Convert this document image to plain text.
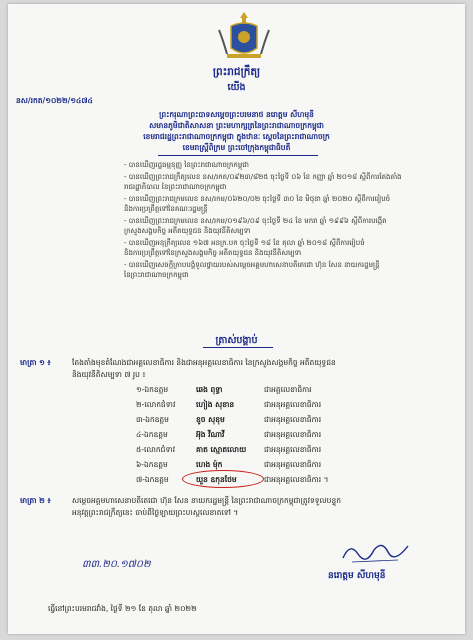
ព្រះរាជក្រឹត្យ
យើង
នស/រកត/១០២២/១៤៧៤
ព្រះករុណាព្រះបាទសម្តេចព្រះបរមនាថ នរោត្តម សីហមុនី
សមានភូមិជាតិសាសនា ព្រះមហាក្សត្រនៃព្រះរាជាណាចក្រកម្ពុជា
ខេមរាជរដ្ឋព្រះរាជាណាចក្រកម្ពុជា ក្នុងឋានៈ ស្តេចនៃព្រះរាជាណាចក្រ
ខេមរាស្ត្រីពិក្រម ព្រះចៅក្រុងកម្ពុជាធិបតី
- បានឃើញរដ្ឋធម្មនុញ្ញ នៃព្រះរាជាណាចក្រកម្ពុជា
- បានឃើញព្រះរាជក្រឹត្យលេខ នស/រកត/០៩២៣/៨២៥ ចុះថ្ងៃទី ០៦ ខែ កញ្ញា ឆ្នាំ ២០១៨ ស្តីពីការតែងតាំង
រាជរដ្ឋាភិបាល នៃព្រះរាជាណាចក្រកម្ពុជា
- បានឃើញព្រះរាជក្រមលេខ នស/រកម/០៦២០/០២ ចុះថ្ងៃទី ៣០ ខែ មិថុនា ឆ្នាំ ២០២០ ស្តីពីការរៀបចំ
និងការប្រព្រឹត្តទៅនៃគណៈរដ្ឋមន្ត្រី
- បានឃើញព្រះរាជក្រមលេខ នស/រកម/០១៩៦/០៩ ចុះថ្ងៃទី ២៤ ខែ មករា ឆ្នាំ ១៩៩៦ ស្តីពីការបង្កើត
ក្រសួងសង្គមកិច្ច អតីតយុទ្ធជន និងយុវនីតិសម្បទា
- បានឃើញអនុក្រឹត្យលេខ ១៦៧ អនក្រ.បក ចុះថ្ងៃទី ១៨ ខែ តុលា ឆ្នាំ ២០១៨ ស្តីពីការរៀបចំ
និងការប្រព្រឹត្តទៅនៃក្រសួងសង្គមកិច្ច អតីតយុទ្ធជន និងយុវនីតិសម្បទា
- បានឃើញសេចក្តីក្រាបបង្គំទូលថ្វាយរបស់សម្តេចអគ្គមហាសេនាបតីតេជោ ហ៊ុន សែន នាយករដ្ឋមន្ត្រី
នៃព្រះរាជាណាចក្រកម្ពុជា
ត្រាស់បង្គាប់
មាត្រា ១ ៖	តែងតាំងមុខតំណែងជាអគ្គលេខាធិការ និងជាអនុអគ្គលេខាធិការ នៃក្រសួងសង្គមកិច្ច អតីតយុទ្ធជន
និងយុវនីតិសម្បទា ៧ រូប ៖
១-ឯកឧត្តម	ឆេង ពុទ្ធា	ជាអគ្គលេខាធិការ
២-លោកជំទាវ	ហៀង សុខាន	ជាអនុអគ្គលេខាធិការ
៣-ឯកឧត្តម	ខូច សុខុម	ជាអនុអគ្គលេខាធិការ
៤-ឯកឧត្តម	អ៊ុង វីណាវី	ជាអនុអគ្គលេខាធិការ
៥-លោកជំទាវ	គាត ស្មោតលោយ ជាអនុអគ្គលេខាធិការ
៦-ឯកឧត្តម	ហេង ម៉ុក	ជាអនុអគ្គលេខាធិការ
៧-ឯកឧត្តម	យួន ឧកុនថែម	ជាអនុអគ្គលេខាធិការ ។
មាត្រា ២ ៖	សម្តេចអគ្គមហាសេនាបតីតេជោ ហ៊ុន សែន នាយករដ្ឋមន្ត្រី នៃព្រះរាជាណាចក្រកម្ពុជាត្រូវទទួលបន្ទុក
អនុវត្តព្រះរាជក្រឹត្យនេះ ចាប់ពីថ្ងៃឡាយព្រះហស្តលេខាតទៅ ។
៣៣.២០.១៧០២
នរោត្តម សីហមុនី
ធ្វើនៅព្រះបរមរាជវាំង, ថ្ងៃទី ២១ ខែ តុលា ឆ្នាំ ២០២២
